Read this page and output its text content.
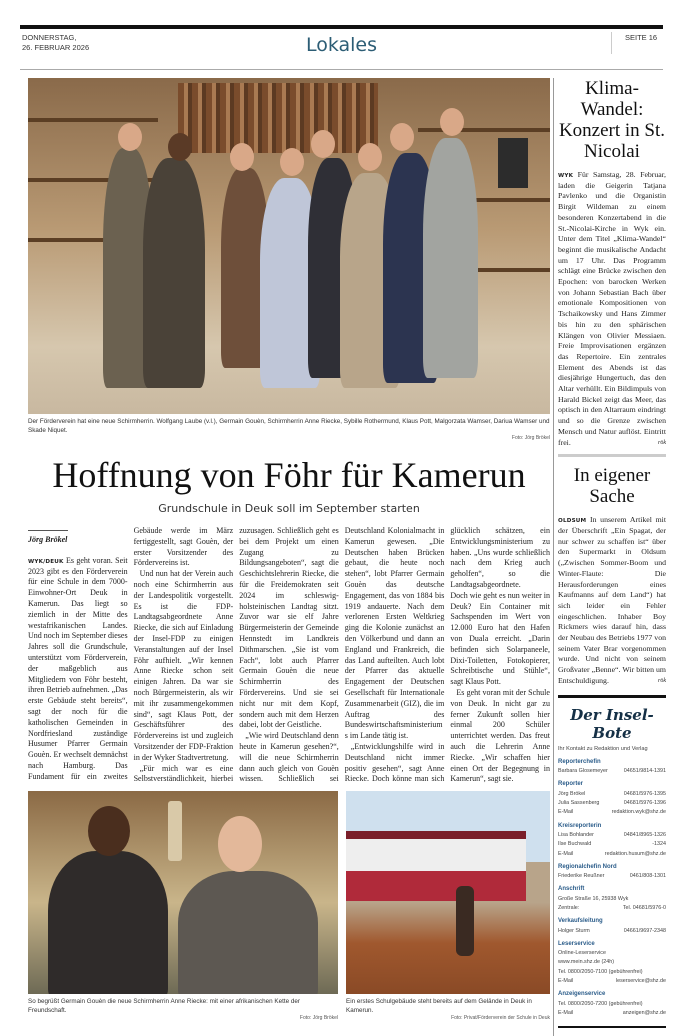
DONNERSTAG,
26. FEBRUAR 2026	Lokales	SEITE 16
Der Förderverein hat eine neue Schirmherrin. Wolfgang Laube (v.l.), Germain Gouèn, Schirmherrin Anne Riecke, Sybille Rothermund, Klaus Pott, Malgorzata Wamser, Dariua Wamser und Skade Niquet.
Foto: Jörg Brökel
Hoffnung von Föhr für Kamerun
Grundschule in Deuk soll im September starten
Jörg Brökel

WYK/DEUK Es geht voran. Seit 2023 gibt es den Förderverein für eine Schule in dem 7000-Einwohner-Ort Deuk in Kamerun. Das liegt so ziemlich in der Mitte des westafrikanischen Landes. Und noch im September dieses Jahres soll die Grundschule, unterstützt vom Förderverein, der maßgeblich aus Mitgliedern von Föhr besteht, ihren Betrieb aufnehmen. „Das erste Gebäude steht bereits“, sagt der noch für die katholischen Gemeinden in Nordfriesland zuständige Husumer Pfarrer Germain Gouèn. Er wechselt demnächst nach Hamburg. Das Fundament für ein zweites Gebäude werde im März fertiggestellt, sagt Gouèn, der erster Vorsitzender des Fördervereins ist.

Und nun hat der Verein auch noch eine Schirmherrin aus der Landespolitik vorgestellt. Es ist die FDP-Landtagsabgeordnete Anne Riecke, die sich auf Einladung der Insel-FDP zu einigen Veranstaltungen auf der Insel Föhr aufhielt. „Wir kennen Anne Riecke schon seit einigen Jahren. Da war sie noch Bürgermeisterin, als wir mit ihr zusammengekommen sind“, sagt Klaus Pott, der Geschäftsführer des Fördervereins ist und zugleich Vorsitzender der FDP-Fraktion in der Wyker Stadtvertretung.

„Für mich war es eine Selbstverständlichkeit, hierbei zuzusagen. Schließlich geht es bei dem Projekt um einen Zugang zu Bildungsangeboten“, sagt die Geschichtslehrerin Riecke, die für die Freidemokraten seit 2024 im schleswig-holsteinischen Landtag sitzt. Zuvor war sie elf Jahre Bürgermeisterin der Gemeinde Hennstedt im Landkreis Dithmarschen. „Sie ist vom Fach“, lobt auch Pfarrer Germain Gouèn die neue Schirmherrin des Fördervereins. Und sie sei nicht nur mit dem Kopf, sondern auch mit dem Herzen dabei, lobt der Geistliche.

„Wie wird Deutschland denn heute in Kamerun gesehen?“, will die neue Schirmherrin dann auch gleich von Gouèn wissen. Schließlich sei Deutschland Kolonialmacht in Kamerun gewesen. „Die Deutschen haben Brücken gebaut, die heute noch stehen“, lobt Pfarrer Germain Gouèn das deutsche Engagement, das von 1884 bis 1919 andauerte. Nach dem verlorenen Ersten Weltkrieg ging die Kolonie zunächst an den Völkerbund und dann an England und Frankreich, die das Land aufteilten. Auch lobt der Pfarrer das aktuelle Engagement der Deutschen Gesellschaft für Internationale Zusammenarbeit (GIZ), die im Auftrag des Bundeswirtschaftsministeriums im Lande tätig ist.

„Entwicklungshilfe wird in Deutschland nicht immer positiv gesehen“, sagt Anne Riecke. Doch könne man sich glücklich schätzen, ein Entwicklungsministerium zu haben. „Uns wurde schließlich nach dem Krieg auch geholfen“, so die Landtagsabgeordnete.

Doch wie geht es nun weiter in Deuk? Ein Container mit Sachspenden im Wert von 12.000 Euro hat den Hafen von Duala erreicht. „Darin befinden sich Solarpaneele, Dixi-Toiletten, Fotokopierer, Schreibtische und Stühle“, sagt Klaus Pott.

Es geht voran mit der Schule von Deuk. In nicht gar zu ferner Zukunft sollen hier einmal 200 Schüler unterrichtet werden. Das freut auch die Lehrerin Anne Riecke. „Wir schaffen hier einen Ort der Begegnung in Kamerun“, sagt sie.

So begrüßt Germain Gouèn die neue Schirmherrin Anne Riecke: mit einer afrikanischen Kette der Freundschaft.
Foto: Jörg Brökel
Ein erstes Schulgebäude steht bereits auf dem Gelände in Deuk in Kamerun.
Foto: Privat/Förderverein der Schule in Deuk
Klima-Wandel: Konzert in St. Nicolai
WYK Für Samstag, 28. Februar, laden die Geigerin Tatjana Pavlenko und die Organistin Birgit Wildeman zu einem besonderen Konzertabend in die St.-Nicolai-Kirche in Wyk ein. Unter dem Titel „Klima-Wandel“ beginnt die musikalische Andacht um 17 Uhr. Das Programm schlägt eine Brücke zwischen den Epochen: von barocken Werken von Johann Sebastian Bach über emotionale Kompositionen von Tschaikowsky und Hans Zimmer bis hin zu den sphärischen Klängen von Olivier Messiaen. Freie Improvisationen ergänzen das Repertoire. Ein zentrales Element des Abends ist das diesjährige Hungertuch, das den Altar verhüllt. Ein Bildimpuls von Harald Bickel zeigt das Meer, das optisch in den Altarraum eindringt und so die Grenze zwischen Mensch und Natur auflöst. Eintritt frei.	rök
In eigener Sache
OLDSUM In unserem Artikel mit der Überschrift „Ein Spagat, der nur schwer zu schaffen ist“ über den Supermarkt in Oldsum („Zwischen Sommer-Boom und Winter-Flaute: Die Herausforderungen eines Kaufmanns auf dem Land“) hat sich leider ein Fehler eingeschlichen. Inhaber Boy Rickmers wies darauf hin, dass der Neubau des Betriebs 1977 von seinem Vater Brar vorgenommen wurde. Und nicht von seinem Großvater „Benne“. Wir bitten um Entschuldigung.	rök
Der Insel-Bote
Ihr Kontakt zu Redaktion und Verlag
Reporterchefin
Barbara Glosemeyer	04651/9814-1391
Reporter
Jörg Brökel	04681/5976-1395
Julia Sassenberg	04681/5976-1396
E-Mail	redaktion.wyk@shz.de
Kreisreporterin
Lisa Bohlander	04841/8965-1326
Ilse Buchwald	-1324
E-Mail	redaktion.husum@shz.de
Regionalchefin Nord
Friederike Reußner	0461/808-1301
Anschrift
Große Straße 16, 25938 Wyk
Zentrale:	Tel. 04681/5976-0
Verkaufsleitung
Holger Sturm	04661/9697-2348
Leserservice
Online-Leserservice
www.mein.shz.de (24h)
Tel. 0800/2050-7100 (gebührenfrei)
E-Mail	leserservice@shz.de
Anzeigenservice
Tel. 0800/2050-7200 (gebührenfrei)
E-Mail	anzeigen@shz.de
